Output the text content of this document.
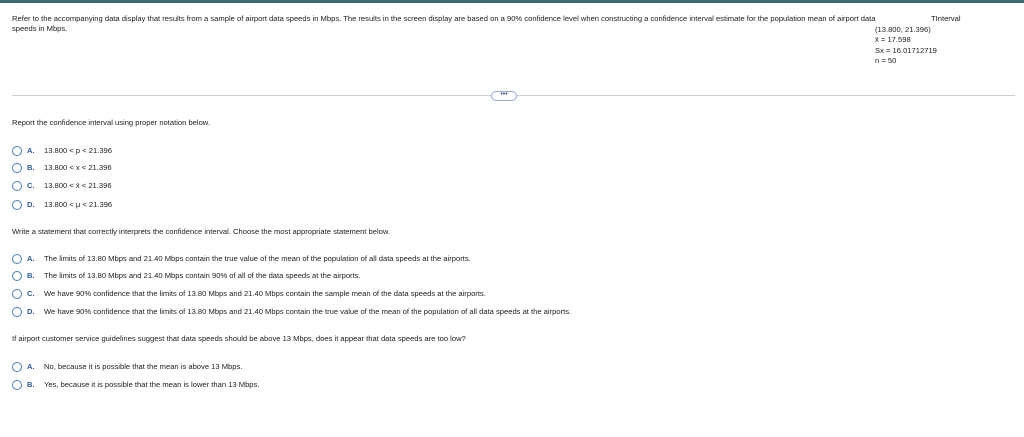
Refer to the accompanying data display that results from a sample of airport data speeds in Mbps. The results in the screen display are based on a 90% confidence level when constructing a confidence interval estimate for the population mean of airport data speeds in Mbps.
TInterval
(13.800, 21.396)
x̄ = 17.598
Sx = 16.01712719
n = 50
•••
Report the confidence interval using proper notation below.
A. 13.800 < p < 21.396
B. 13.800 < x < 21.396
C. 13.800 < x̄ < 21.396
D. 13.800 < μ < 21.396
Write a statement that correctly interprets the confidence interval. Choose the most appropriate statement below.
A. The limits of 13.80 Mbps and 21.40 Mbps contain the true value of the mean of the population of all data speeds at the airports.
B. The limits of 13.80 Mbps and 21.40 Mbps contain 90% of all of the data speeds at the airports.
C. We have 90% confidence that the limits of 13.80 Mbps and 21.40 Mbps contain the sample mean of the data speeds at the airports.
D. We have 90% confidence that the limits of 13.80 Mbps and 21.40 Mbps contain the true value of the mean of the population of all data speeds at the airports.
If airport customer service guidelines suggest that data speeds should be above 13 Mbps, does it appear that data speeds are too low?
A. No, because it is possible that the mean is above 13 Mbps.
B. Yes, because it is possible that the mean is lower than 13 Mbps.
